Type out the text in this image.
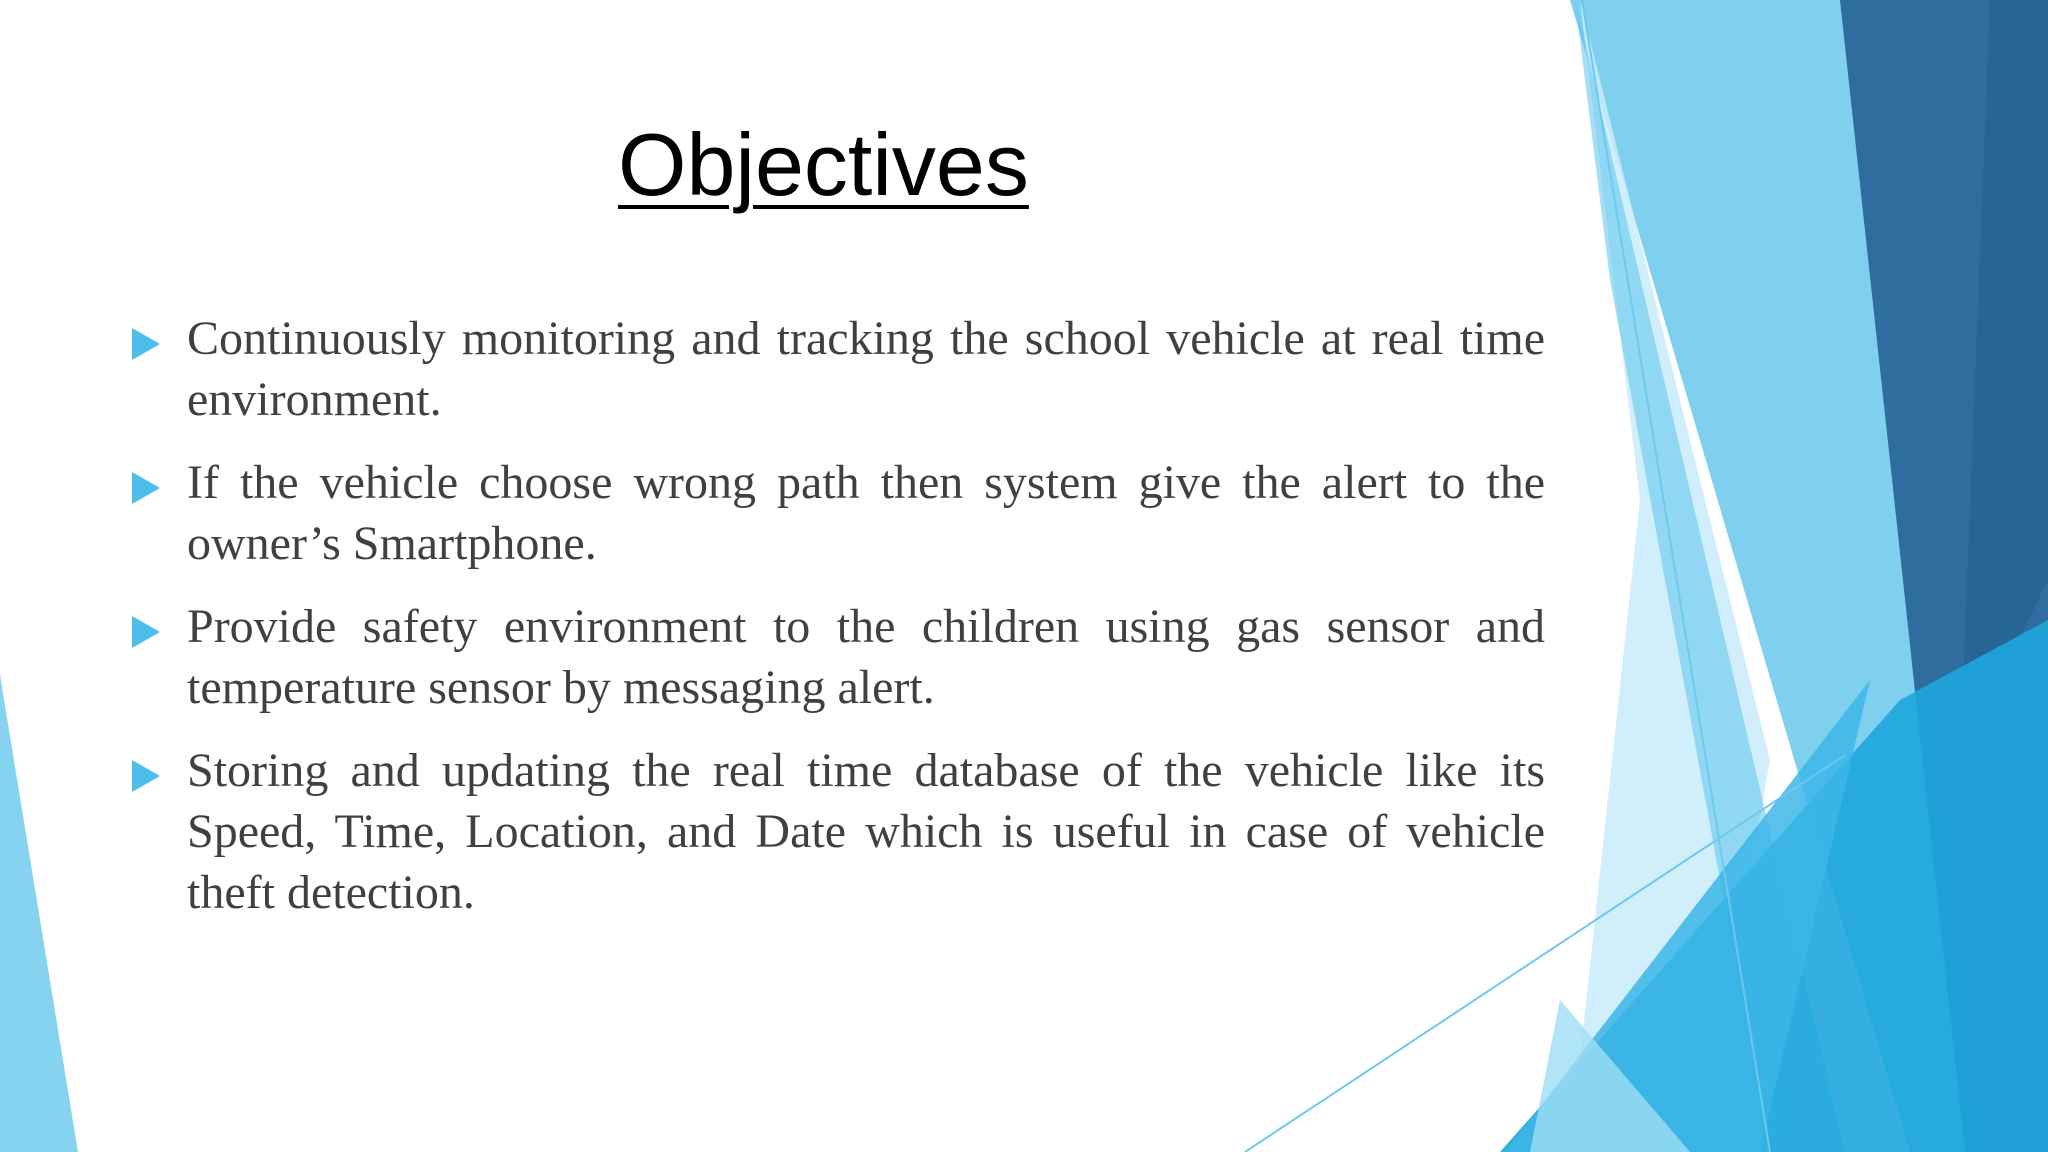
Objectives
Continuously monitoring and tracking the school vehicle at real time environment.
If the vehicle choose wrong path then system give the alert to the owner’s Smartphone.
Provide safety environment to the children using gas sensor and temperature sensor by messaging alert.
Storing and updating the real time database of the vehicle like its Speed, Time, Location, and Date which is useful in case of vehicle theft detection.
